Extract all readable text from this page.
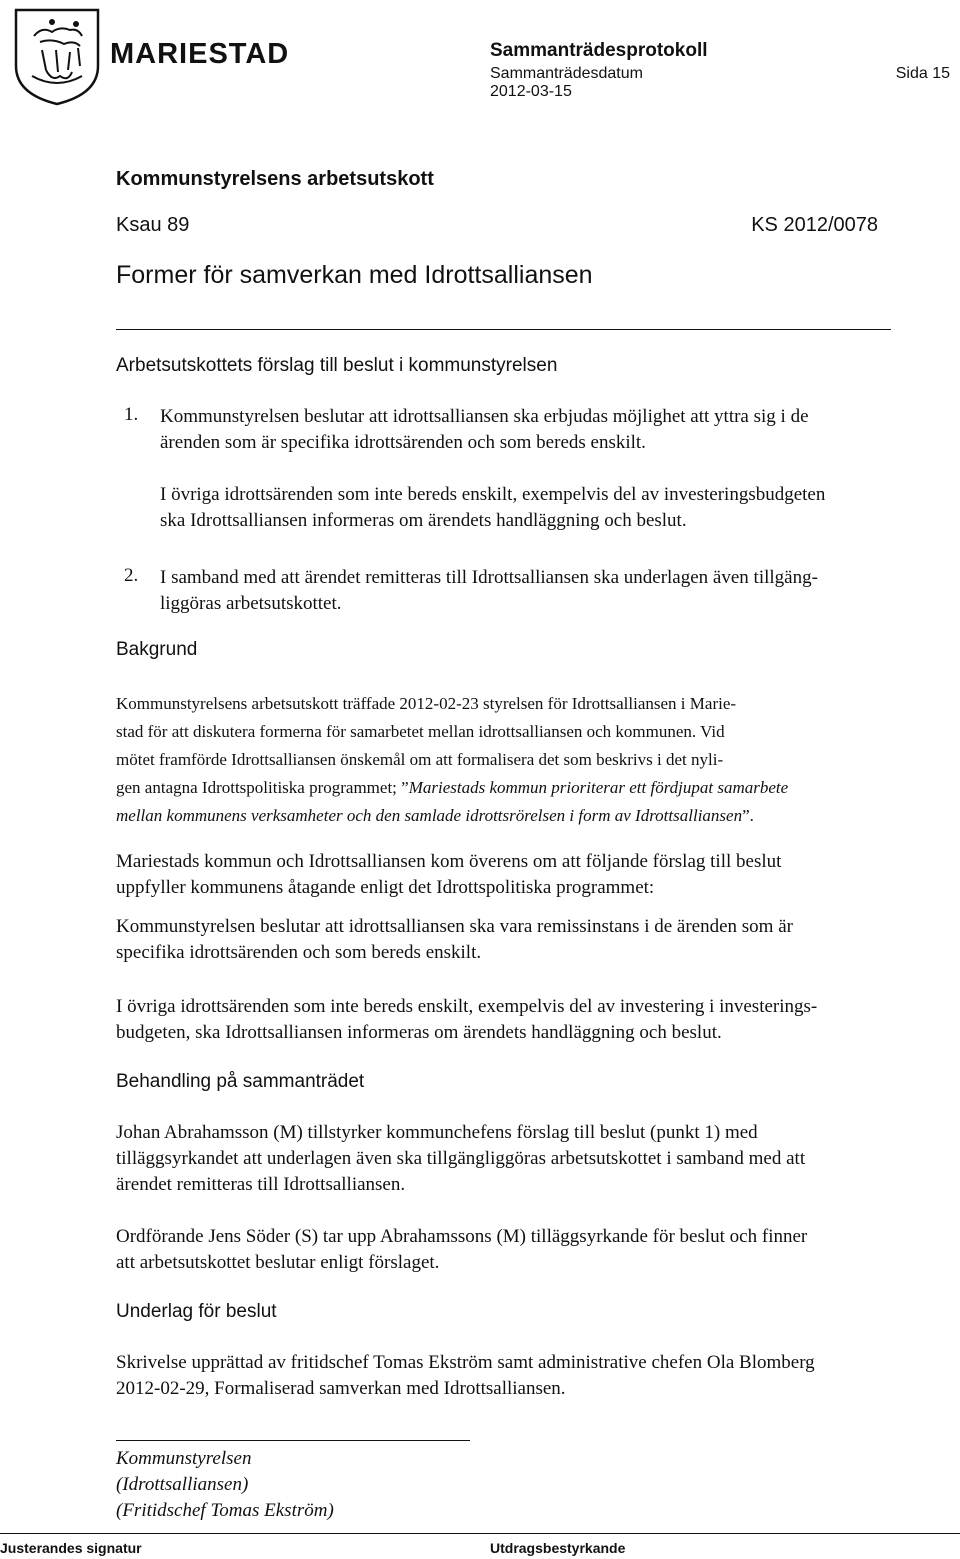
MARIESTAD	Sammanträdesprotokoll
Sammanträdesdatum
2012-03-15
Sida 15
Kommunstyrelsens arbetsutskott
Ksau 89	KS 2012/0078
Former för samverkan med Idrottsalliansen
Arbetsutskottets förslag till beslut i kommunstyrelsen
1. Kommunstyrelsen beslutar att idrottsalliansen ska erbjudas möjlighet att yttra sig i de
ärenden som är specifika idrottsärenden och som bereds enskilt.
I övriga idrottsärenden som inte bereds enskilt, exempelvis del av investeringsbudgeten
ska Idrottsalliansen informeras om ärendets handläggning och beslut.
2. I samband med att ärendet remitteras till Idrottsalliansen ska underlagen även tillgäng-
liggöras arbetsutskottet.
Bakgrund
Kommunstyrelsens arbetsutskott träffade 2012-02-23 styrelsen för Idrottsalliansen i Marie-
stad för att diskutera formerna för samarbetet mellan idrottsalliansen och kommunen. Vid
mötet framförde Idrottsalliansen önskemål om att formalisera det som beskrivs i det nyli-
gen antagna Idrottspolitiska programmet; ”Mariestads kommun prioriterar ett fördjupat samarbete
mellan kommunens verksamheter och den samlade idrottsrörelsen i form av Idrottsalliansen”.
Mariestads kommun och Idrottsalliansen kom överens om att följande förslag till beslut
uppfyller kommunens åtagande enligt det Idrottspolitiska programmet:
Kommunstyrelsen beslutar att idrottsalliansen ska vara remissinstans i de ärenden som är
specifika idrottsärenden och som bereds enskilt.
I övriga idrottsärenden som inte bereds enskilt, exempelvis del av investering i investerings-
budgeten, ska Idrottsalliansen informeras om ärendets handläggning och beslut.
Behandling på sammanträdet
Johan Abrahamsson (M) tillstyrker kommunchefens förslag till beslut (punkt 1) med
tilläggsyrkandet att underlagen även ska tillgängliggöras arbetsutskottet i samband med att
ärendet remitteras till Idrottsalliansen.
Ordförande Jens Söder (S) tar upp Abrahamssons (M) tilläggsyrkande för beslut och finner
att arbetsutskottet beslutar enligt förslaget.
Underlag för beslut
Skrivelse upprättad av fritidschef Tomas Ekström samt administrative chefen Ola Blomberg
2012-02-29, Formaliserad samverkan med Idrottsalliansen.
Kommunstyrelsen
(Idrottsalliansen)
(Fritidschef Tomas Ekström)
Justerandes signatur	Utdragsbestyrkande
